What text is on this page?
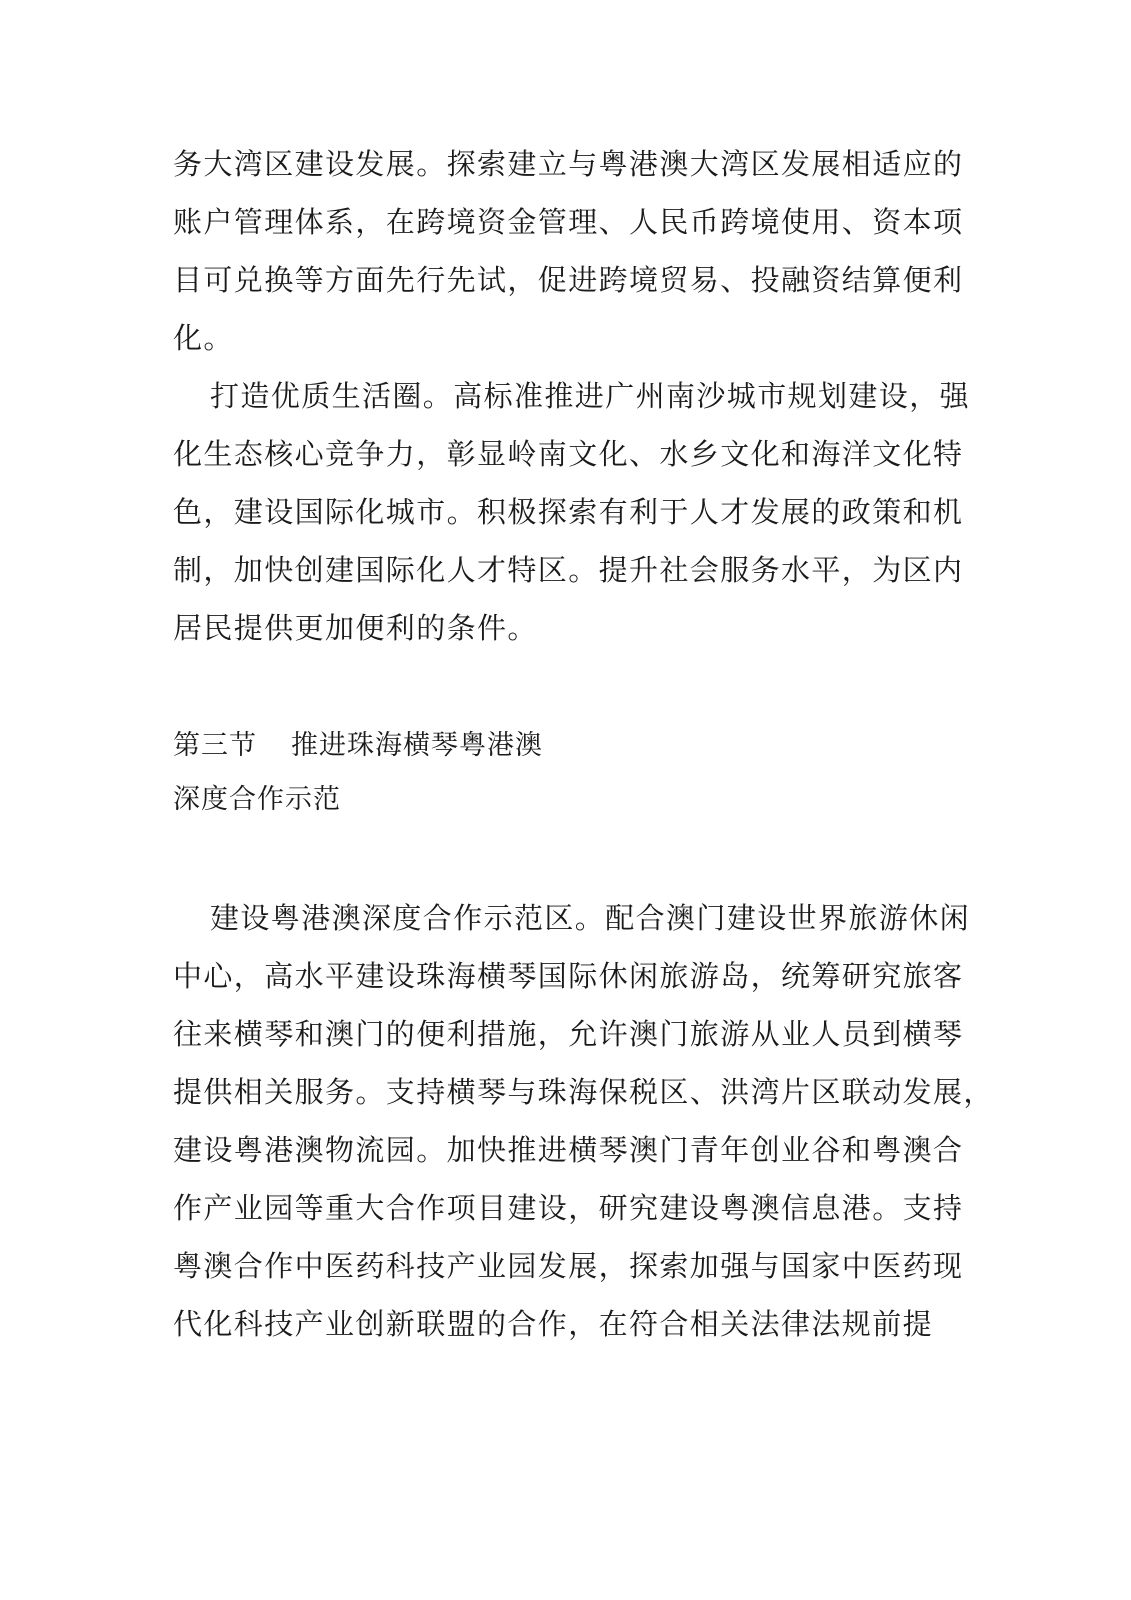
务大湾区建设发展。探索建立与粤港澳大湾区发展相适应的

账户管理体系，在跨境资金管理、人民币跨境使用、资本项

目可兑换等方面先行先试，促进跨境贸易、投融资结算便利

化。

打造优质生活圈。高标准推进广州南沙城市规划建设，强

化生态核心竞争力，彰显岭南文化、水乡文化和海洋文化特

色，建设国际化城市。积极探索有利于人才发展的政策和机

制，加快创建国际化人才特区。提升社会服务水平，为区内

居民提供更加便利的条件。

第三节 推进珠海横琴粤港澳

深度合作示范

建设粤港澳深度合作示范区。配合澳门建设世界旅游休闲

中心，高水平建设珠海横琴国际休闲旅游岛，统筹研究旅客

往来横琴和澳门的便利措施，允许澳门旅游从业人员到横琴

提供相关服务。支持横琴与珠海保税区、洪湾片区联动发展，

建设粤港澳物流园。加快推进横琴澳门青年创业谷和粤澳合

作产业园等重大合作项目建设，研究建设粤澳信息港。支持

粤澳合作中医药科技产业园发展，探索加强与国家中医药现

代化科技产业创新联盟的合作，在符合相关法律法规前提
